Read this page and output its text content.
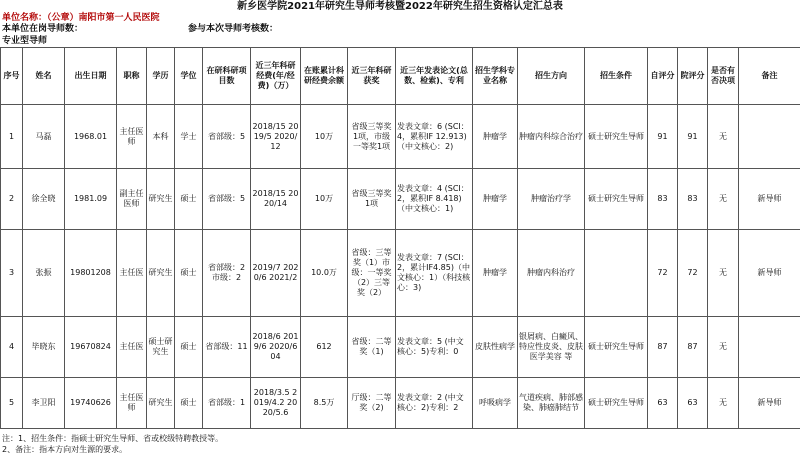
新乡医学院2021年研究生导师考核暨2022年研究生招生资格认定汇总表
单位名称：（公章）南阳市第一人民医院
本单位在岗导师数：	参与本次导师考核数：
专业型导师
序号	姓名	出生日期	职称	学历	学位	在研科研项目数	近三年科研经费(年/经费)（万）	在账累计科研经费余额	近三年科研获奖	近三年发表论文(总数、检索)、专利	招生学科专业名称	招生方向	招生条件	自评分	院评分	是否有否决项	备注
1	马磊	1968.01	主任医师	本科	学士	省部级：5	2018/15 2019/5 2020/12	10万	省级三等奖1项，市级一等奖1项	发表文章：6 (SCI：4，累积IF 12.913)（中文核心：2)	肿瘤学	肿瘤内科综合治疗	硕士研究生导师	91	91	无	
2	徐全晓	1981.09	副主任医师	研究生	硕士	省部级：5	2018/15 2020/14	10万	省级三等奖1项	发表文章：4 (SCI：2，累积IF 8.418)（中文核心：1)	肿瘤学	肿瘤治疗学	硕士研究生导师	83	83	无	新导师
3	张振	19801208	主任医	研究生	硕士	省部级：2 市级：2	2019/7 2020/6 2021/2	10.0万	省级：三等奖（1）市级：一等奖（2）三等奖（2）	发表文章：7 (SCI：2，累计IF4.85)（中文核心：1）（科技核心：3)	肿瘤学	肿瘤内科治疗		72	72	无	新导师
4	毕晓东	19670824	主任医	硕士研究生	硕士	省部级：11	2018/6 2019/6 2020/604	612	省级：二等奖（1)	发表文章：5 (中文核心：5)专利：0	皮肤性病学	银屑病、白癜风、特应性皮炎、皮肤医学美容 等	硕士研究生导师	87	87	无	
5	李卫阳	19740626	主任医师	研究生	硕士	省部级：1	2018/3.5 2019/4.2 2020/5.6	8.5万	厅级：二等奖（2)	发表文章：2 (中文核心：2)专利：2	呼吸病学	气道疾病、肺部感染、肺癌肺结节	硕士研究生导师	63	63	无	新导师
注：1、招生条件：指硕士研究生导师、省或校级特聘教授等。
2、备注：指本方向对生源的要求。
